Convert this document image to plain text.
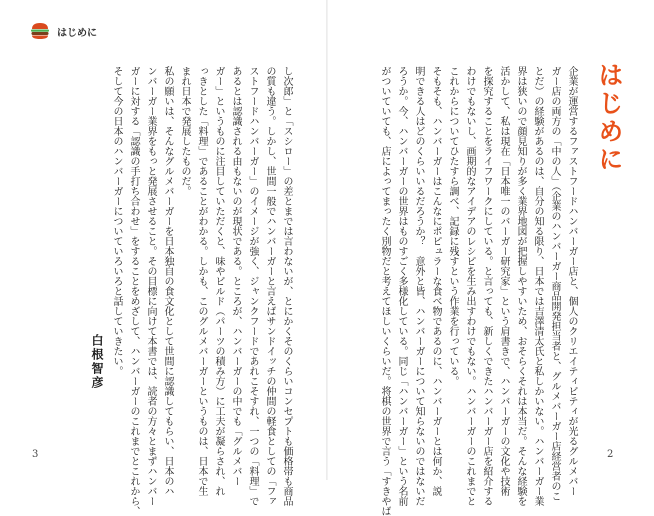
はじめに
はじめに

企業が運営するファストフードハンバーガー店と、個人のクリエイティビティが光るグルメバー

ガー店の両方の「中の人」（企業のハンバーガー商品開発担当者と、グルメバーガー店経営者のこ

とだ）の経験があるのは、自分の知る限り、日本では吉澤清太氏と私しかいない。ハンバーガー業

界は狭いので顔見知りが多く業界地図が把握しやすいため、おそらくそれは本当だ。そんな経験を

活かして、私は現在「日本唯一のバーガー研究家」という肩書きで、ハンバーガーの文化や技術

を探究することをライフワークにしている。と言っても、新しくできたハンバーガー店を紹介する

わけでもないし、画期的なアイデアのレシピを生み出すわけでもない。ハンバーガーのこれまでと

これからについてひたすら調べ、記録に残すという作業を行っている。

そもそも、ハンバーガーはこんなにポピュラーな食べ物であるのに、ハンバーガーとは何か、説

明できる人はどのくらいいるだろうか？　意外と皆、ハンバーガーについて知らないのではないだ

ろうか。今、ハンバーガーの世界はものすごく多様化している。同じ「ハンバーガー」という名前

がついていても、店によってまったく別物だと考えてほしいくらいだ。将棋の世界で言う「すきやば

し次郎」と「スシロー」の差とまでは言わないが、とにかくそのくらいコンセプトも価格帯も商品

の質も違う。しかし、世間一般でハンバーガーと言えばサンドイッチの仲間の軽食としての「ファ

ストフードハンバーガー」のイメージが強く、ジャンクフードであれこそすれ、一つの「料理」で

あるとは認識される由もないのが現状である。ところが、ハンバーガーの中でも「グルメバー

ガー」というものに注目していただくと、味やビルド（パーツの積み方）に工夫が凝らされ、れ

っきとした「料理」であることがわかる。しかも、このグルメバーガーというものは、日本で生

まれ日本で発展したものだ。

私の願いは、そんなグルメバーガーを日本独自の食文化として世間に認識してもらい、日本のハ

ンバーガー業界をもっと発展させること。その目標に向けて本書では、読者の方々とまずハンバー

ガーに対する「認識の手打ち合わせ」をすることをめざして、ハンバーガーのこれまでとこれから、

そして今の日本のハンバーガーについていろいろと話していきたい。

白根智彦
3	2
